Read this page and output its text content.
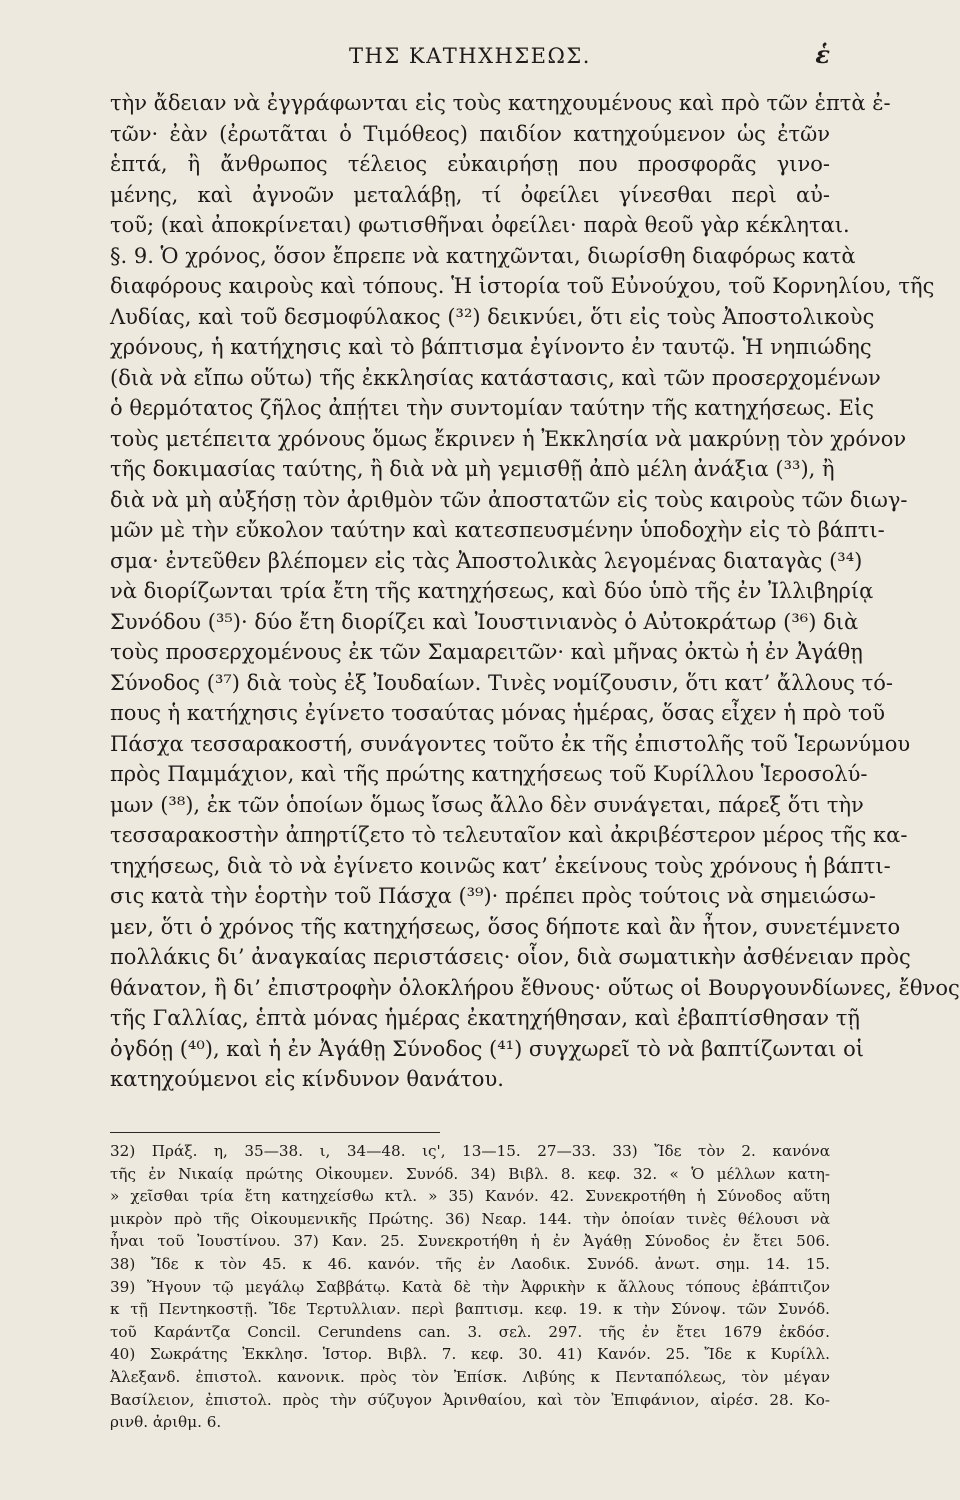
ΤΗΣ ΚΑΤΗΧΗΣΕΩΣ.	ἑ
τὴν ἄδειαν νὰ ἐγγράφωνται εἰς τοὺς κατηχουμένους καὶ πρὸ τῶν ἑπτὰ ἐ-
τῶν· ἐὰν (ἐρωτᾶται ὁ Τιμόθεος) παιδίον κατηχούμενον ὡς ἐτῶν
ἑπτά, ἢ ἄνθρωπος τέλειος εὐκαιρήσῃ που προσφορᾶς γινο-
μένης, καὶ ἀγνοῶν μεταλάβῃ, τί ὀφείλει γίνεσθαι περὶ αὐ-
τοῦ; (καὶ ἀποκρίνεται) φωτισθῆναι ὀφείλει· παρὰ θεοῦ γὰρ κέκληται.
§. 9. Ὁ χρόνος, ὅσον ἔπρεπε νὰ κατηχῶνται, διωρίσθη διαφόρως κατὰ
διαφόρους καιροὺς καὶ τόπους. Ἡ ἱστορία τοῦ Εὐνούχου, τοῦ Κορνηλίου, τῆς
Λυδίας, καὶ τοῦ δεσμοφύλακος (³²) δεικνύει, ὅτι εἰς τοὺς Ἀποστολικοὺς
χρόνους, ἡ κατήχησις καὶ τὸ βάπτισμα ἐγίνοντο ἐν ταυτῷ. Ἡ νηπιώδης
(διὰ νὰ εἴπω οὕτω) τῆς ἐκκλησίας κατάστασις, καὶ τῶν προσερχομένων
ὁ θερμότατος ζῆλος ἀπῄτει τὴν συντομίαν ταύτην τῆς κατηχήσεως. Εἰς
τοὺς μετέπειτα χρόνους ὅμως ἔκρινεν ἡ Ἐκκλησία νὰ μακρύνῃ τὸν χρόνον
τῆς δοκιμασίας ταύτης, ἢ διὰ νὰ μὴ γεμισθῇ ἀπὸ μέλη ἀνάξια (³³), ἢ
διὰ νὰ μὴ αὐξήσῃ τὸν ἀριθμὸν τῶν ἀποστατῶν εἰς τοὺς καιροὺς τῶν διωγ-
μῶν μὲ τὴν εὔκολον ταύτην καὶ κατεσπευσμένην ὑποδοχὴν εἰς τὸ βάπτι-
σμα· ἐντεῦθεν βλέπομεν εἰς τὰς Ἀποστολικὰς λεγομένας διαταγὰς (³⁴)
νὰ διορίζωνται τρία ἔτη τῆς κατηχήσεως, καὶ δύο ὑπὸ τῆς ἐν Ἰλλιβηρίᾳ
Συνόδου (³⁵)· δύο ἔτη διορίζει καὶ Ἰουστινιανὸς ὁ Αὐτοκράτωρ (³⁶) διὰ
τοὺς προσερχομένους ἐκ τῶν Σαμαρειτῶν· καὶ μῆνας ὀκτὼ ἡ ἐν Ἀγάθῃ
Σύνοδος (³⁷) διὰ τοὺς ἐξ Ἰουδαίων. Τινὲς νομίζουσιν, ὅτι κατ’ ἄλλους τό-
πους ἡ κατήχησις ἐγίνετο τοσαύτας μόνας ἡμέρας, ὅσας εἶχεν ἡ πρὸ τοῦ
Πάσχα τεσσαρακοστή, συνάγοντες τοῦτο ἐκ τῆς ἐπιστολῆς τοῦ Ἱερωνύμου
πρὸς Παμμάχιον, καὶ τῆς πρώτης κατηχήσεως τοῦ Κυρίλλου Ἱεροσολύ-
μων (³⁸), ἐκ τῶν ὁποίων ὅμως ἴσως ἄλλο δὲν συνάγεται, πάρεξ ὅτι τὴν
τεσσαρακοστὴν ἀπηρτίζετο τὸ τελευταῖον καὶ ἀκριβέστερον μέρος τῆς κα-
τηχήσεως, διὰ τὸ νὰ ἐγίνετο κοινῶς κατ’ ἐκείνους τοὺς χρόνους ἡ βάπτι-
σις κατὰ τὴν ἑορτὴν τοῦ Πάσχα (³⁹)· πρέπει πρὸς τούτοις νὰ σημειώσω-
μεν, ὅτι ὁ χρόνος τῆς κατηχήσεως, ὅσος δήποτε καὶ ἂν ἦτον, συνετέμνετο
πολλάκις δι’ ἀναγκαίας περιστάσεις· οἷον, διὰ σωματικὴν ἀσθένειαν πρὸς
θάνατον, ἢ δι’ ἐπιστροφὴν ὁλοκλήρου ἔθνους· οὕτως οἱ Βουργουνδίωνες, ἔθνος
τῆς Γαλλίας, ἑπτὰ μόνας ἡμέρας ἐκατηχήθησαν, καὶ ἐβαπτίσθησαν τῇ
ὀγδόῃ (⁴⁰), καὶ ἡ ἐν Ἀγάθῃ Σύνοδος (⁴¹) συγχωρεῖ τὸ νὰ βαπτίζωνται οἱ
κατηχούμενοι εἰς κίνδυνον θανάτου.
32) Πράξ. η, 35—38. ι, 34—48. ις', 13—15. 27—33. 33) Ἴδε τὸν 2. κανόνα
τῆς ἐν Νικαίᾳ πρώτης Οἰκουμεν. Συνόδ. 34) Βιβλ. 8. κεφ. 32. « Ὁ μέλλων κατη-
» χεῖσθαι τρία ἔτη κατηχείσθω κτλ. » 35) Κανόν. 42. Συνεκροτήθη ἡ Σύνοδος αὕτη
μικρὸν πρὸ τῆς Οἰκουμενικῆς Πρώτης. 36) Νεαρ. 144. τὴν ὁποίαν τινὲς θέλουσι νὰ
ἦναι τοῦ Ἰουστίνου. 37) Καν. 25. Συνεκροτήθη ἡ ἐν Ἀγάθῃ Σύνοδος ἐν ἔτει 506.
38) Ἴδε κ τὸν 45. κ 46. κανόν. τῆς ἐν Λαοδικ. Συνόδ. ἀνωτ. σημ. 14. 15.
39) Ἤγουν τῷ μεγάλῳ Σαββάτῳ. Κατὰ δὲ τὴν Ἀφρικὴν κ ἄλλους τόπους ἐβάπτιζον
κ τῇ Πεντηκοστῇ. Ἴδε Τερτυλλιαν. περὶ βαπτισμ. κεφ. 19. κ τὴν Σύνοψ. τῶν Συνόδ.
τοῦ Καράντζα Concil. Cerundens can. 3. σελ. 297. τῆς ἐν ἔτει 1679 ἐκδόσ.
40) Σωκράτης Ἐκκλησ. Ἱστορ. Βιβλ. 7. κεφ. 30. 41) Κανόν. 25. Ἴδε κ Κυρίλλ.
Ἀλεξανδ. ἐπιστολ. κανονικ. πρὸς τὸν Ἐπίσκ. Λιβύης κ Πενταπόλεως, τὸν μέγαν
Βασίλειον, ἐπιστολ. πρὸς τὴν σύζυγον Ἀρινθαίου, καὶ τὸν Ἐπιφάνιον, αἱρέσ. 28. Κο-
ρινθ. ἀριθμ. 6.
